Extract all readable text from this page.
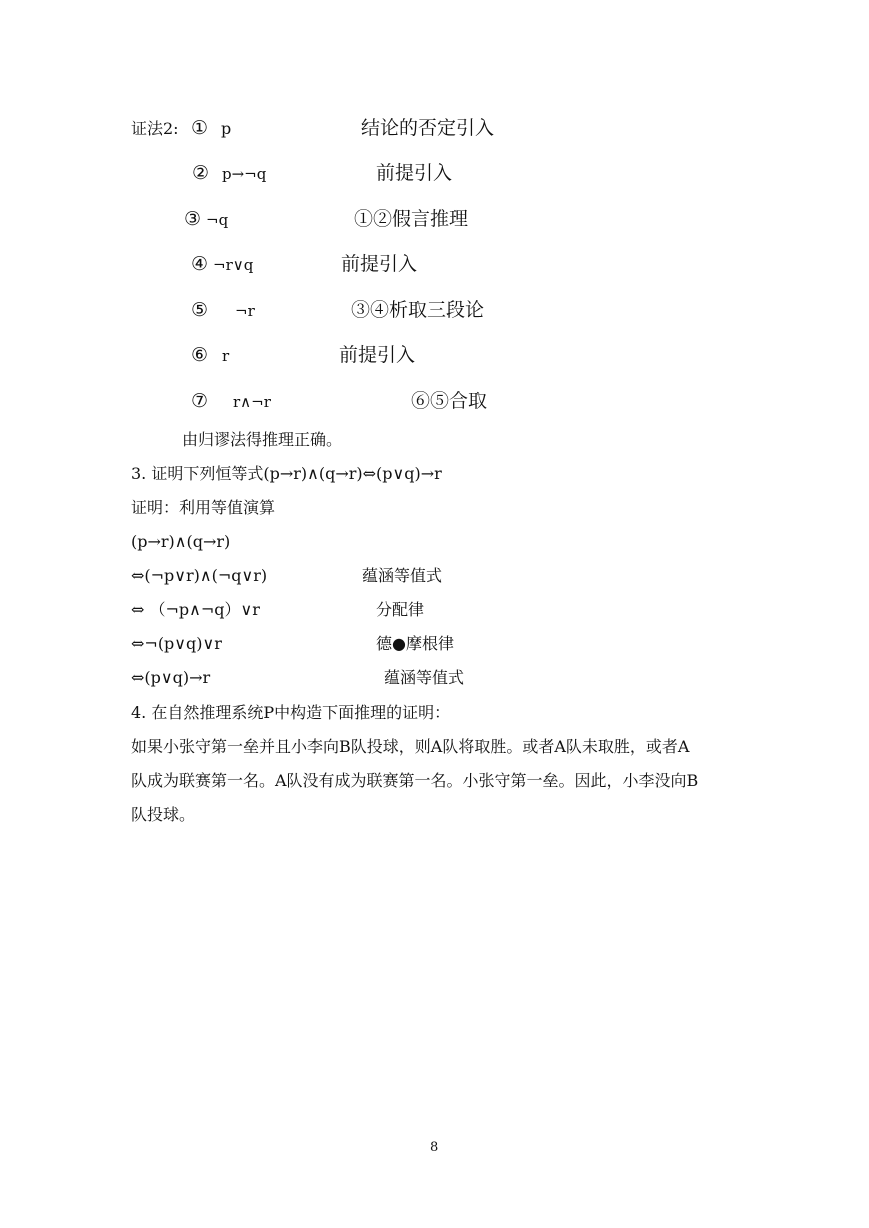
证法2: ① p	结论的否定引入
② p→¬q	前提引入
③ ¬q	①②假言推理
④ ¬r∨q	前提引入
⑤ ¬r	③④析取三段论
⑥ r	前提引入
⑦ r∧¬r	⑥⑤合取
由归谬法得推理正确。
3. 证明下列恒等式(p→r)∧(q→r)⇔(p∨q)→r
证明：利用等值演算
(p→r)∧(q→r)
⇔(¬p∨r)∧(¬q∨r)	蕴涵等值式
⇔ （¬p∧¬q）∨r	分配律
⇔¬(p∨q)∨r	德●摩根律
⇔(p∨q)→r	蕴涵等值式
4. 在自然推理系统P中构造下面推理的证明：
如果小张守第一垒并且小李向B队投球，则A队将取胜。或者A队未取胜，或者A
队成为联赛第一名。A队没有成为联赛第一名。小张守第一垒。因此，小李没向B
队投球。
8
